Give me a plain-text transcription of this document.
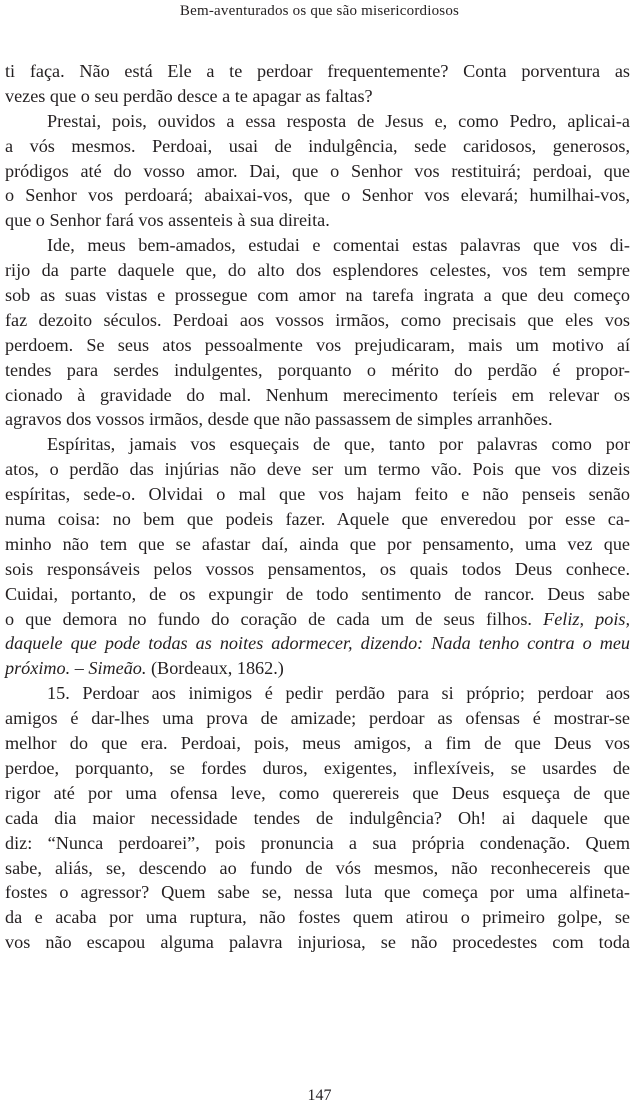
Bem-aventurados os que são misericordiosos
ti faça. Não está Ele a te perdoar frequentemente? Conta porventura as
vezes que o seu perdão desce a te apagar as faltas?
Prestai, pois, ouvidos a essa resposta de Jesus e, como Pedro, aplicai-a
a vós mesmos. Perdoai, usai de indulgência, sede caridosos, generosos,
pródigos até do vosso amor. Dai, que o Senhor vos restituirá; perdoai, que
o Senhor vos perdoará; abaixai-vos, que o Senhor vos elevará; humilhai-vos,
que o Senhor fará vos assenteis à sua direita.
Ide, meus bem-amados, estudai e comentai estas palavras que vos di-
rijo da parte daquele que, do alto dos esplendores celestes, vos tem sempre
sob as suas vistas e prossegue com amor na tarefa ingrata a que deu começo
faz dezoito séculos. Perdoai aos vossos irmãos, como precisais que eles vos
perdoem. Se seus atos pessoalmente vos prejudicaram, mais um motivo aí
tendes para serdes indulgentes, porquanto o mérito do perdão é propor-
cionado à gravidade do mal. Nenhum merecimento teríeis em relevar os
agravos dos vossos irmãos, desde que não passassem de simples arranhões.
Espíritas, jamais vos esqueçais de que, tanto por palavras como por
atos, o perdão das injúrias não deve ser um termo vão. Pois que vos dizeis
espíritas, sede-o. Olvidai o mal que vos hajam feito e não penseis senão
numa coisa: no bem que podeis fazer. Aquele que enveredou por esse ca-
minho não tem que se afastar daí, ainda que por pensamento, uma vez que
sois responsáveis pelos vossos pensamentos, os quais todos Deus conhece.
Cuidai, portanto, de os expungir de todo sentimento de rancor. Deus sabe
o que demora no fundo do coração de cada um de seus filhos. Feliz, pois,
daquele que pode todas as noites adormecer, dizendo: Nada tenho contra o meu
próximo. – Simeão. (Bordeaux, 1862.)
15. Perdoar aos inimigos é pedir perdão para si próprio; perdoar aos
amigos é dar-lhes uma prova de amizade; perdoar as ofensas é mostrar-se
melhor do que era. Perdoai, pois, meus amigos, a fim de que Deus vos
perdoe, porquanto, se fordes duros, exigentes, inflexíveis, se usardes de
rigor até por uma ofensa leve, como querereis que Deus esqueça de que
cada dia maior necessidade tendes de indulgência? Oh! ai daquele que
diz: “Nunca perdoarei”, pois pronuncia a sua própria condenação. Quem
sabe, aliás, se, descendo ao fundo de vós mesmos, não reconhecereis que
fostes o agressor? Quem sabe se, nessa luta que começa por uma alfineta-
da e acaba por uma ruptura, não fostes quem atirou o primeiro golpe, se
vos não escapou alguma palavra injuriosa, se não procedestes com toda
147
